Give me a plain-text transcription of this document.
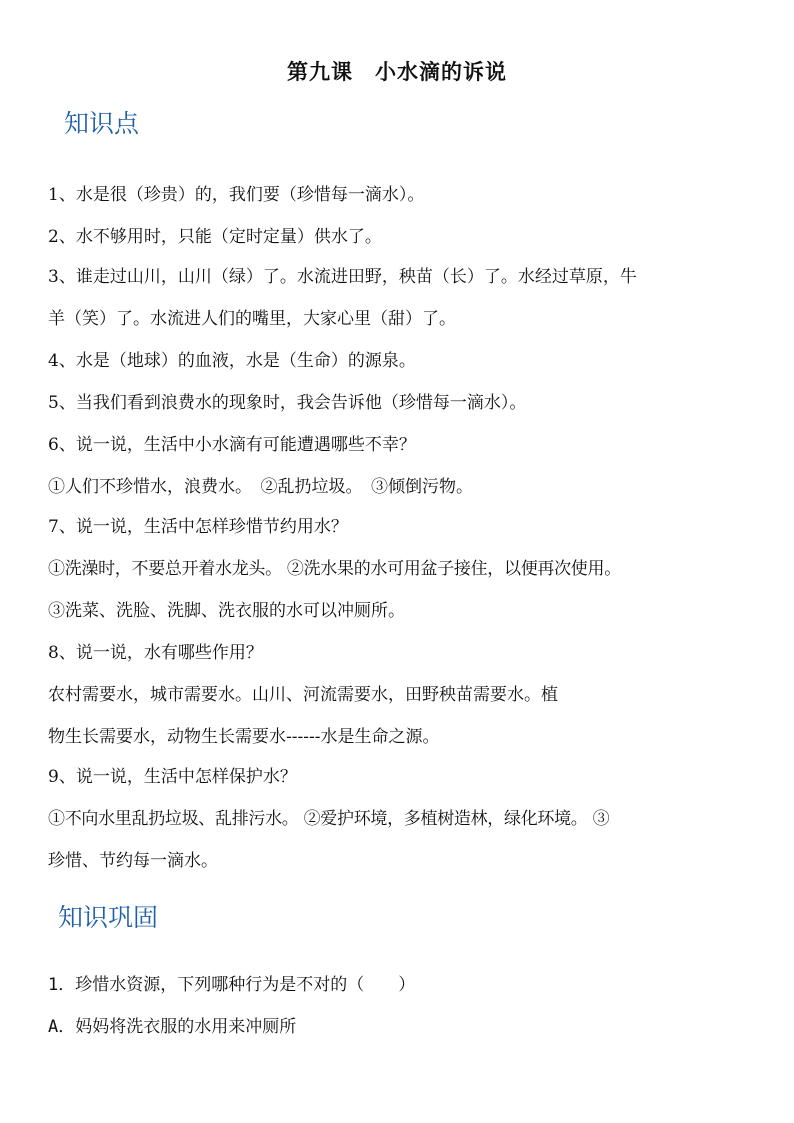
第九课　小水滴的诉说
知识点
1、水是很（珍贵）的，我们要（珍惜每一滴水）。
2、水不够用时，只能（定时定量）供水了。
3、谁走过山川，山川（绿）了。水流进田野，秧苗（长）了。水经过草原，牛
羊（笑）了。水流进人们的嘴里，大家心里（甜）了。
4、水是（地球）的血液，水是（生命）的源泉。
5、当我们看到浪费水的现象时，我会告诉他（珍惜每一滴水）。
6、说一说，生活中小水滴有可能遭遇哪些不幸？
①人们不珍惜水，浪费水。　②乱扔垃圾。　③倾倒污物。
7、说一说，生活中怎样珍惜节约用水？
①洗澡时，不要总开着水龙头。 ②洗水果的水可用盆子接住，以便再次使用。
③洗菜、洗脸、洗脚、洗衣服的水可以冲厕所。
8、说一说，水有哪些作用？
农村需要水，城市需要水。山川、河流需要水，田野秧苗需要水。植
物生长需要水，动物生长需要水------水是生命之源。
9、说一说，生活中怎样保护水？
①不向水里乱扔垃圾、乱排污水。 ②爱护环境，多植树造林，绿化环境。 ③
珍惜、节约每一滴水。
知识巩固
1．珍惜水资源，下列哪种行为是不对的（　　）
A．妈妈将洗衣服的水用来冲厕所
